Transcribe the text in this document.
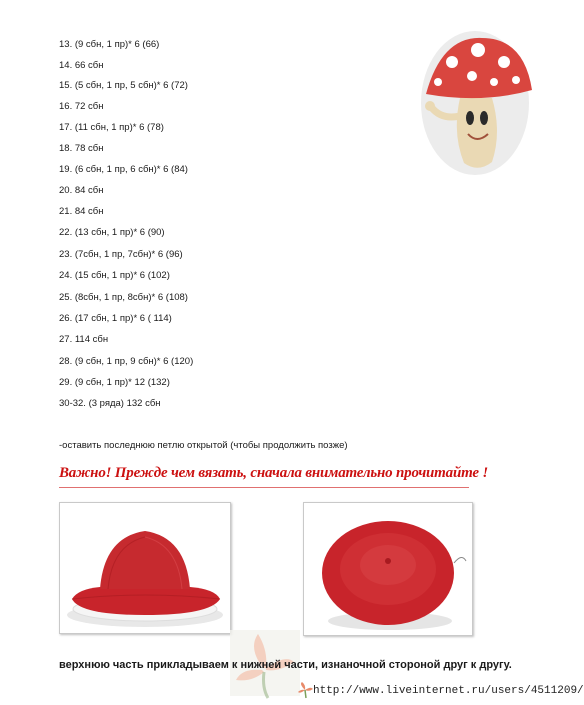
13. (9 сбн, 1 пр)* 6 (66)
14. 66 сбн
15. (5 сбн, 1 пр, 5 сбн)* 6 (72)
16. 72 сбн
17. (11 сбн, 1 пр)* 6 (78)
18. 78 сбн
19. (6 сбн, 1 пр, 6 сбн)* 6 (84)
20. 84 сбн
21. 84 сбн
22. (13 сбн, 1 пр)* 6 (90)
23. (7сбн, 1 пр, 7сбн)* 6 (96)
24. (15 сбн, 1 пр)* 6 (102)
25. (8сбн, 1 пр, 8сбн)* 6 (108)
26. (17 сбн, 1 пр)* 6 ( 114)
27. 114 сбн
28. (9 сбн, 1 пр, 9 сбн)* 6 (120)
29. (9 сбн, 1 пр)* 12 (132)
30-32. (3 ряда) 132 сбн
-оставить последнюю петлю открытой (чтобы продолжить позже)
Важно! Прежде чем вязать, сначала внимательно прочитайте !
верхнюю часть прикладываем к нижней части, изнаночной стороной друг к другу.
http://www.liveinternet.ru/users/4511209/
